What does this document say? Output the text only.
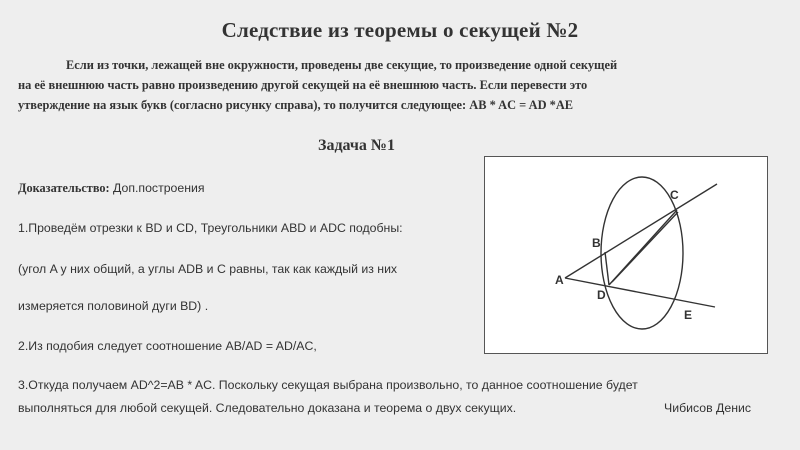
Следствие из теоремы о секущей №2
Если из точки, лежащей вне окружности, проведены две секущие, то произведение одной секущей
на её внешнюю часть равно произведению другой секущей на её внешнюю часть. Если перевести это
утверждение на язык букв (согласно рисунку справа), то получится следующее: AB * AC = AD *AE
Задача №1
Доказательство: Доп.построения
1.Проведём отрезки к BD и CD, Треугольники ABD и ADC подобны:
(угол A у них общий, а углы ADB и C равны, так как каждый из них
измеряется половиной дуги BD) .
2.Из подобия следует соотношение AB/AD = AD/AC,
3.Откуда получаем AD^2=AB * AC. Поскольку секущая выбрана произвольно, то данное соотношение будет
выполняться для любой секущей. Следовательно доказана и теорема о двух секущих.	Чибисов Денис
A
B
C
D
E
